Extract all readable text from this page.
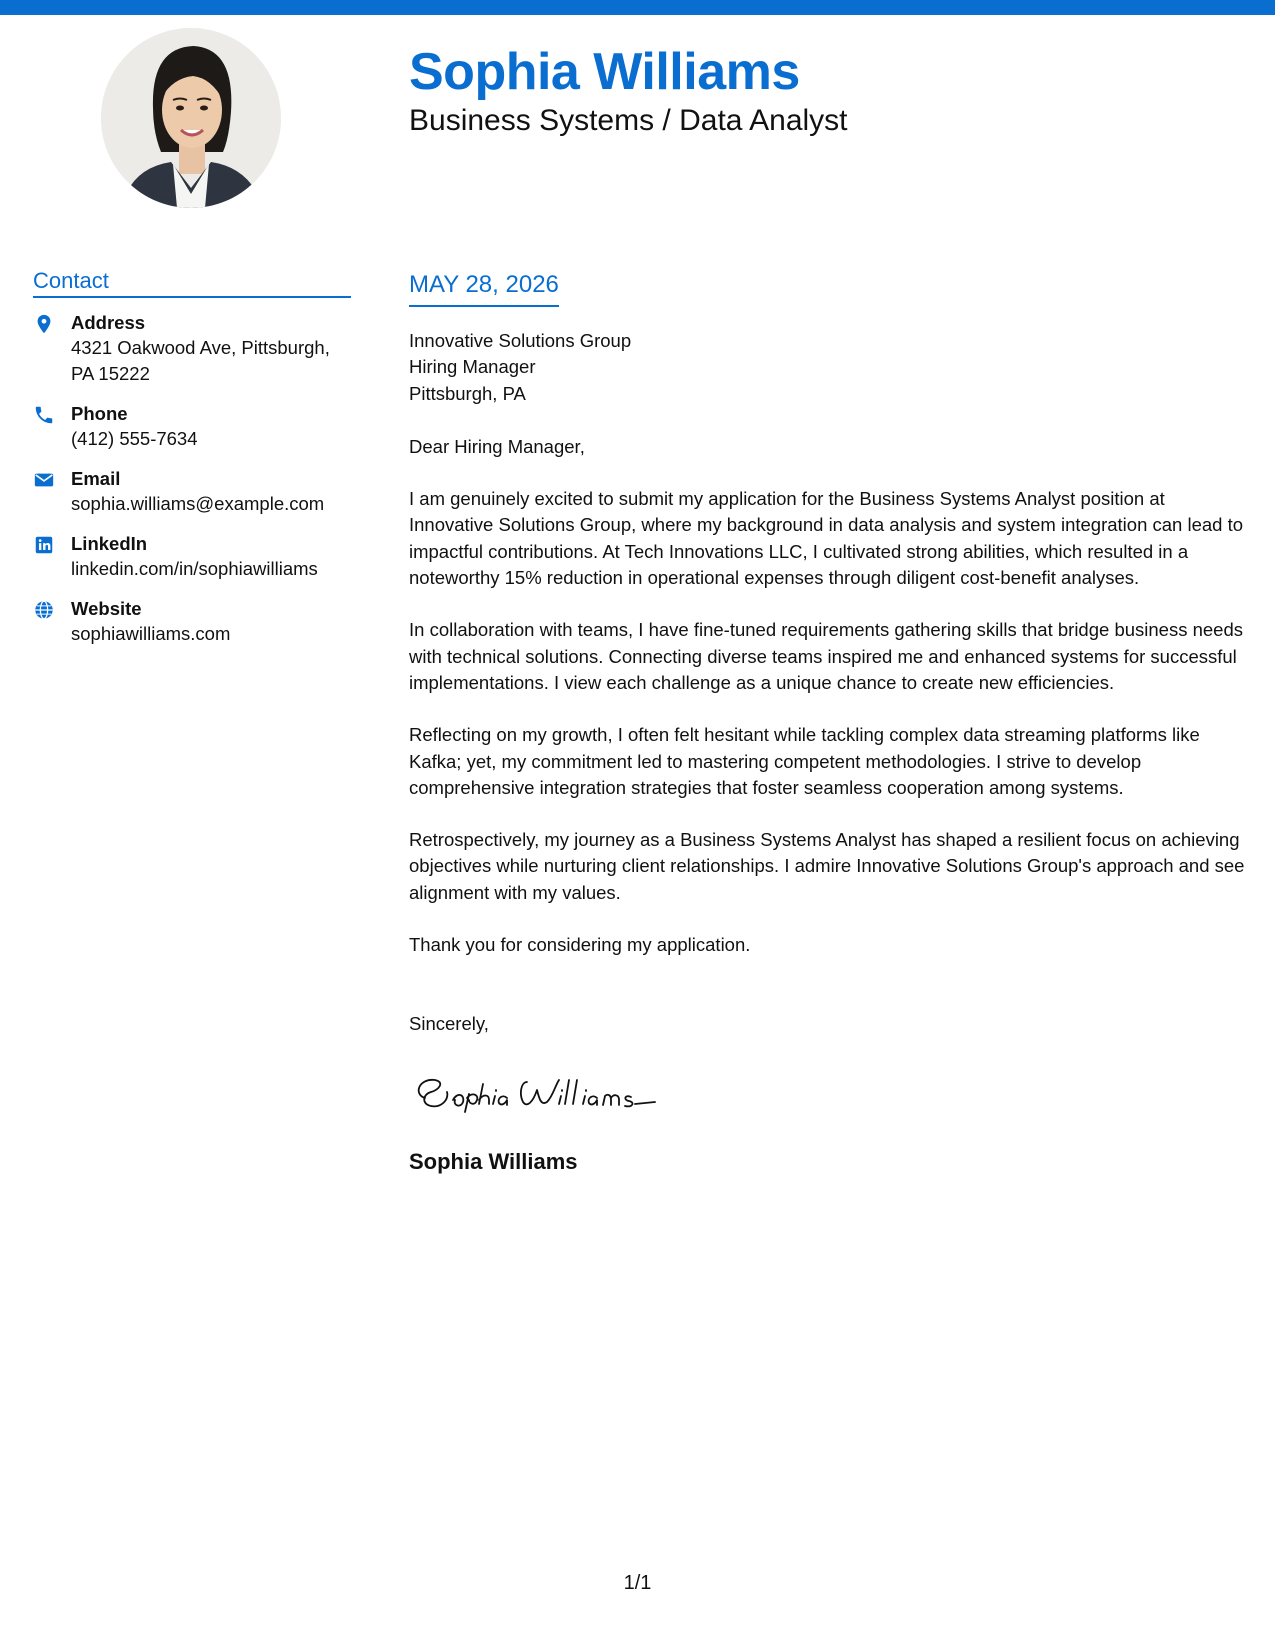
Sophia Williams
Business Systems / Data Analyst
Contact
Address
4321 Oakwood Ave, Pittsburgh,
PA 15222
Phone
(412) 555-7634
Email
sophia.williams@example.com
LinkedIn
linkedin.com/in/sophiawilliams
Website
sophiawilliams.com
MAY 28, 2026
Innovative Solutions Group
Hiring Manager
Pittsburgh, PA
Dear Hiring Manager,

I am genuinely excited to submit my application for the Business Systems Analyst position at Innovative Solutions Group, where my background in data analysis and system integration can lead to impactful contributions. At Tech Innovations LLC, I cultivated strong abilities, which resulted in a noteworthy 15% reduction in operational expenses through diligent cost-benefit analyses.

In collaboration with teams, I have fine-tuned requirements gathering skills that bridge business needs with technical solutions. Connecting diverse teams inspired me and enhanced systems for successful implementations. I view each challenge as a unique chance to create new efficiencies.

Reflecting on my growth, I often felt hesitant while tackling complex data streaming platforms like Kafka; yet, my commitment led to mastering competent methodologies. I strive to develop comprehensive integration strategies that foster seamless cooperation among systems.

Retrospectively, my journey as a Business Systems Analyst has shaped a resilient focus on achieving objectives while nurturing client relationships. I admire Innovative Solutions Group's approach and see alignment with my values.

Thank you for considering my application.
Sincerely,
Sophia Williams
1/1
